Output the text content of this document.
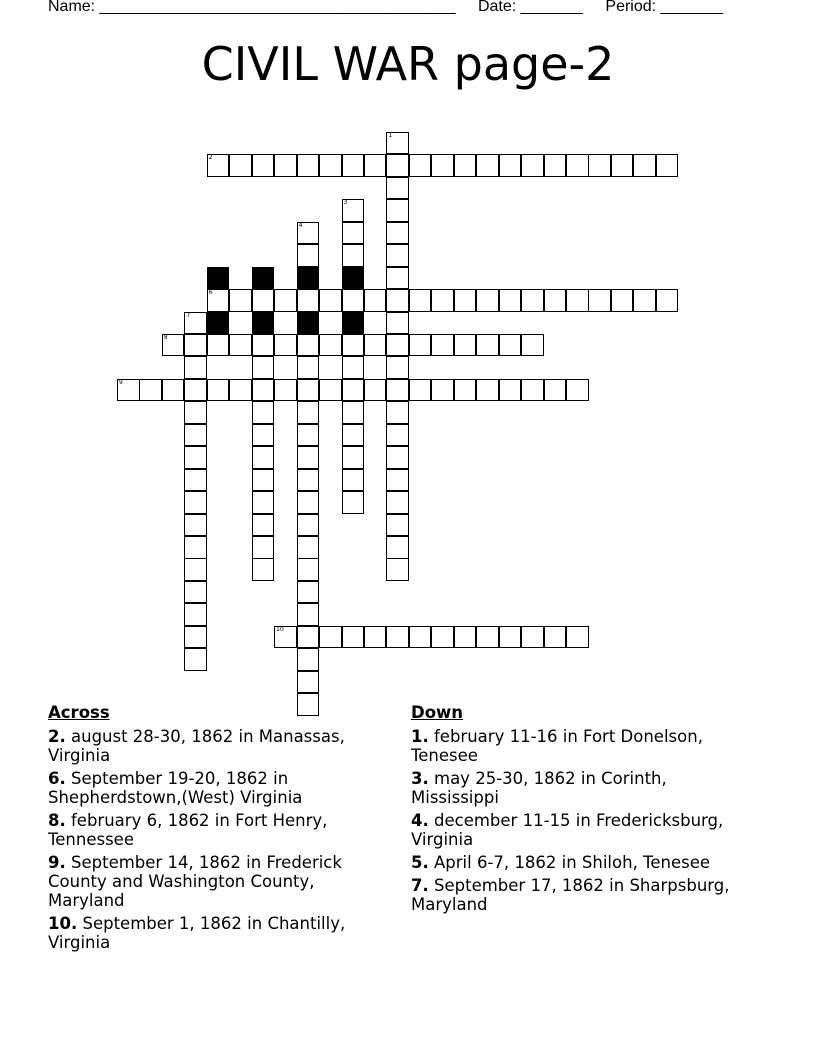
Name: ________________________________________ Date: _______ Period: _______
CIVIL WAR page-2
1
2
3
4
5
6
7
8
9
10
Across
2. august 28-30, 1862 in Manassas, Virginia
6. September 19-20, 1862 in Shepherdstown,(West) Virginia
8. february 6, 1862 in Fort Henry, Tennessee
9. September 14, 1862 in Frederick County and Washington County, Maryland
10. September 1, 1862 in Chantilly, Virginia
Down
1. february 11-16 in Fort Donelson, Tenesee
3. may 25-30, 1862 in Corinth, Mississippi
4. december 11-15 in Fredericksburg, Virginia
5. April 6-7, 1862 in Shiloh, Tenesee
7. September 17, 1862 in Sharpsburg, Maryland
